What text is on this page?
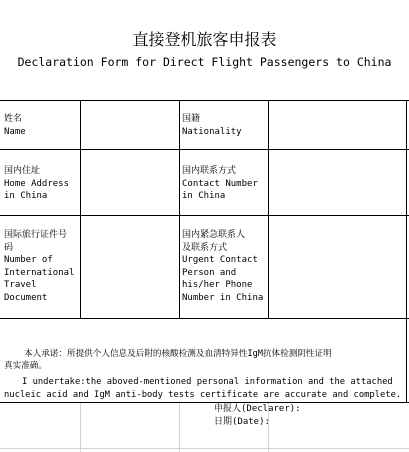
直接登机旅客申报表
Declaration Form for Direct Flight Passengers to China
姓名
Name
国籍
Nationality
国内住址
Home Address
in China
国内联系方式
Contact Number
in China
国际旅行证件号
码
Number of
International
Travel
Document
国内紧急联系人
及联系方式
Urgent Contact
Person and
his/her Phone
Number in China
本人承诺：所提供个人信息及后附的核酸检测及血清特异性IgM抗体检测阴性证明
真实准确。
I undertake:the aboved-mentioned personal information and the attached
nucleic acid and IgM anti-body tests certificate are accurate and complete.
申报人(Declarer):
日期(Date):
